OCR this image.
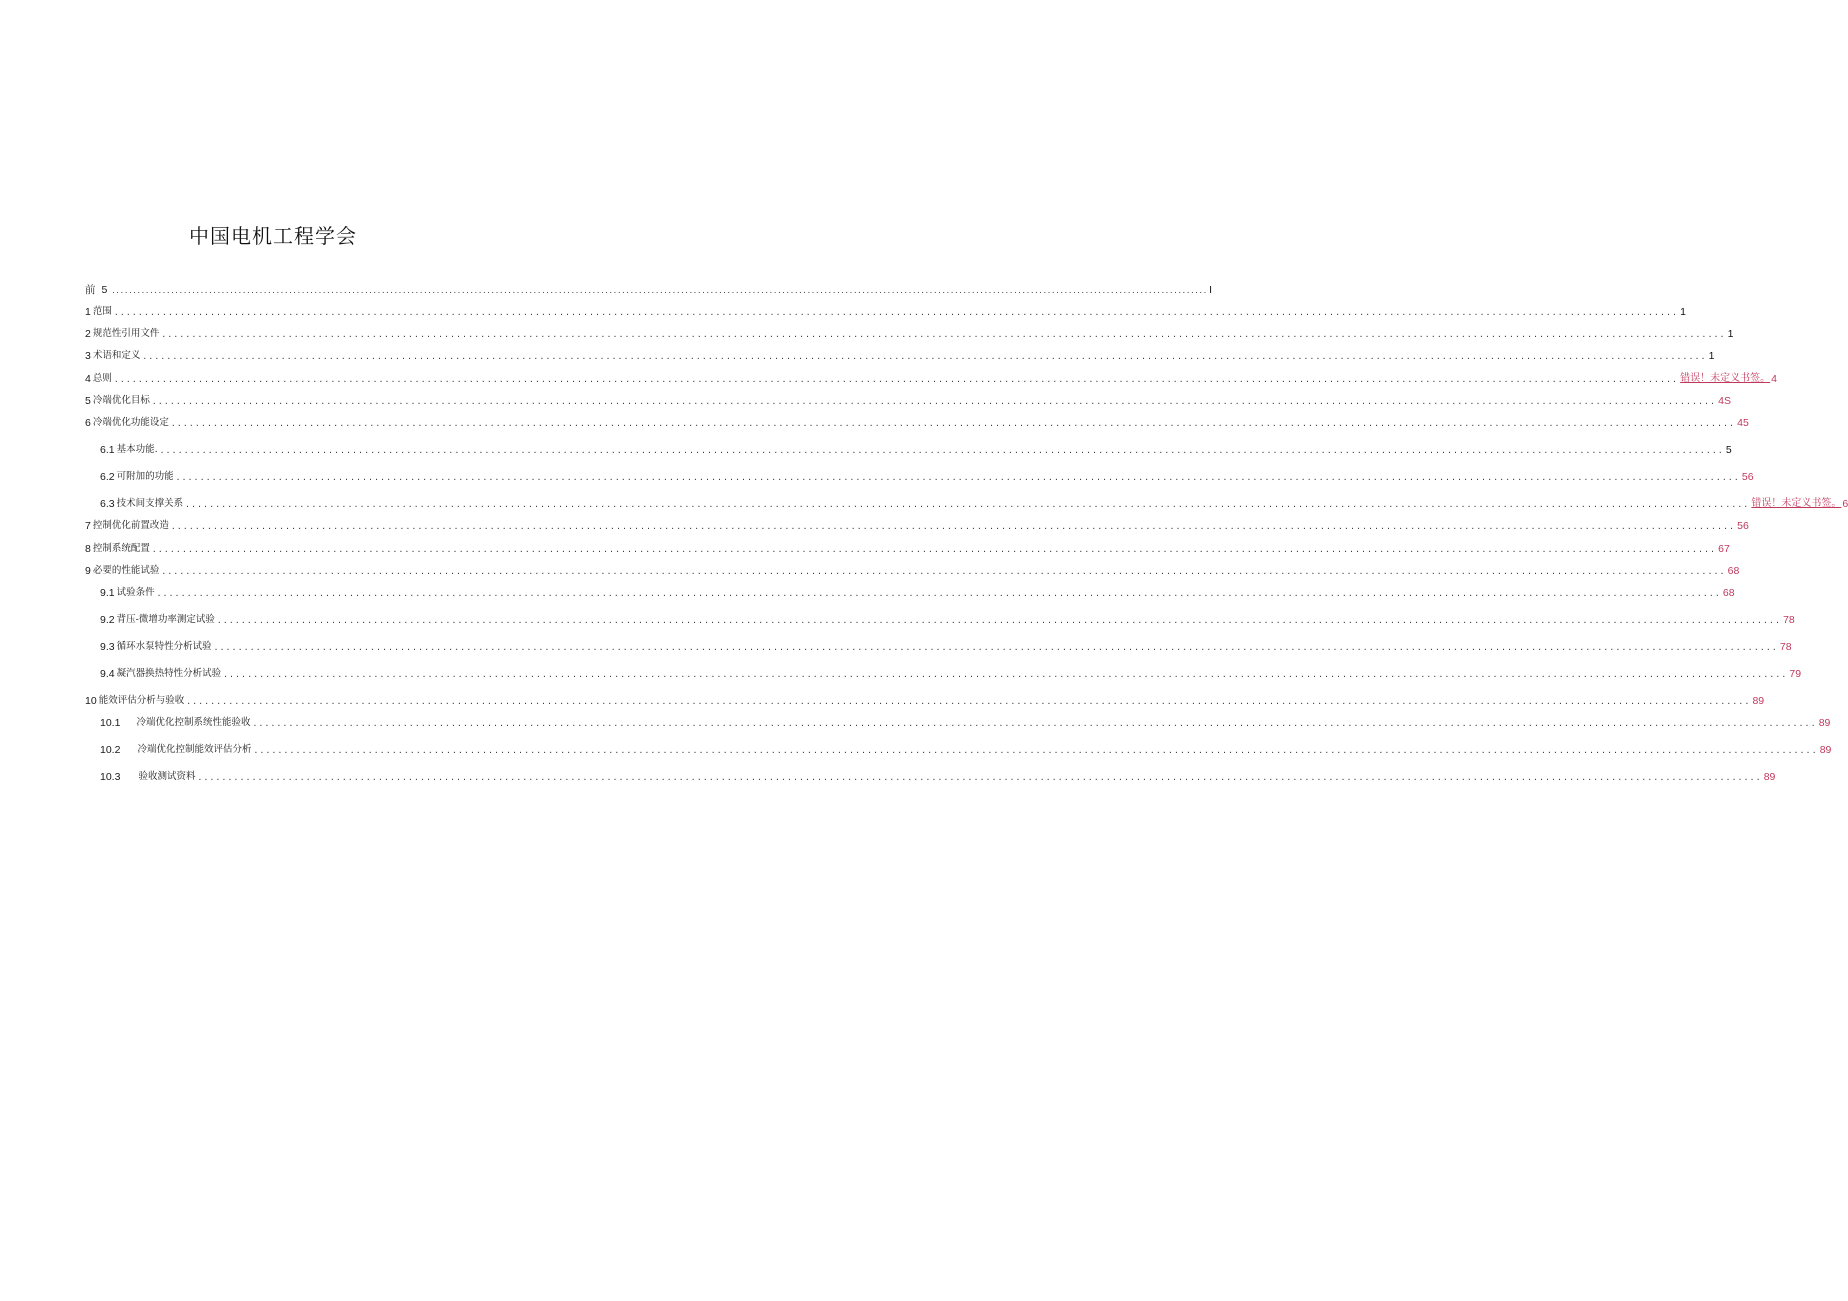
中国电机工程学会
前 5 .................................................................................................................................................................................................................................................................... I
1 范围 .................................................................................................................................................................................................................................................................... 1
2 规范性引用文件 .................................................................................................................................................................................................................................................................... 1
3 术语和定义 .................................................................................................................................................................................................................................................................... 1
4 总则 .................................................................................................................................................................................................................................................................... 错误！未定义书签。 4
5 冷端优化目标 .................................................................................................................................................................................................................................................................... 4S
6 冷端优化功能设定 .................................................................................................................................................................................................................................................................... 45
6.1 基本功能. .................................................................................................................................................................................................................................................................... 5
6.2 可附加的功能 .................................................................................................................................................................................................................................................................... 56
6.3 技术间支撑关系 .................................................................................................................................................................................................................................................................... 错误！未定义书签。 6
7 控制优化前置改造 .................................................................................................................................................................................................................................................................... 56
8 控制系统配置 .................................................................................................................................................................................................................................................................... 67
9 必要的性能试验 .................................................................................................................................................................................................................................................................... 68
9.1 试验条件 .................................................................................................................................................................................................................................................................... 68
9.2 背压-微增功率测定试验 .................................................................................................................................................................................................................................................................... 78
9.3 循环水泵特性分析试验 .................................................................................................................................................................................................................................................................... 78
9.4 凝汽器换热特性分析试验 .................................................................................................................................................................................................................................................................... 79
10 能效评估分析与验收 .................................................................................................................................................................................................................................................................... 89
10.1 冷端优化控制系统性能验收 .................................................................................................................................................................................................................................................................... 89
10.2 冷端优化控制能效评估分析 .................................................................................................................................................................................................................................................................... 89
10.3 验收测试资料 .................................................................................................................................................................................................................................................................... 89
